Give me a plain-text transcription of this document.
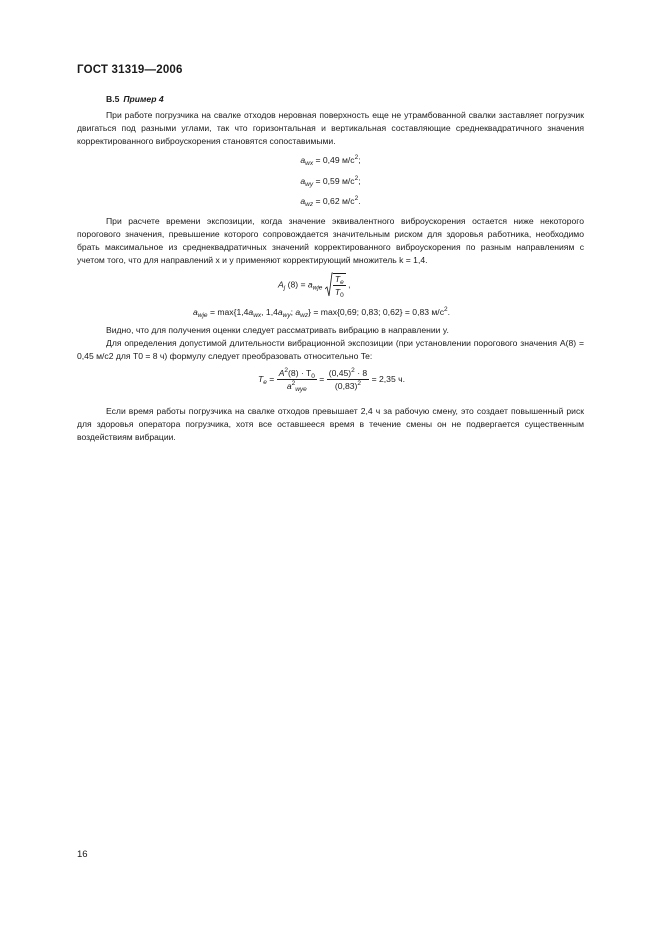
ГОСТ 31319—2006
B.5 Пример 4

При работе погрузчика на свалке отходов неровная поверхность еще не утрамбованной свалки заставляет погрузчик двигаться под разными углами, так что горизонтальная и вертикальная составляющие среднеквадратичного значения корректированного виброускорения становятся сопоставимыми.

$a_{wx} = 0,49$ $м/с^2$;
$a_{wy} = 0,59$ $м/с^2$;
$a_{wz} = 0,62$ $м/с^2$.

При расчете времени экспозиции, когда значение эквивалентного виброускорения остается ниже некоторого порогового значения, превышение которого сопровождается значительным риском для здоровья работника, необходимо брать максимальное из среднеквадратичных значений корректированного виброускорения по разным направлениям с учетом того, что для направлений x и y применяют корректирующий множитель k = 1,4.

$A_j$ $(8) = a_{wje} \frac{T_e}{T_0}$ ,
$a_{wje} = \max\{1,4a_{wx}$, $1,4a_{wy}$; $a_{wz}\} = \max\{0,69$; 0,83; 0,62} = 0,83 $м/с^2$.

Видно, что для получения оценки следует рассматривать вибрацию в направлении y.

Для определения допустимой длительности вибрационной экспозиции (при установлении порогового значения A(8) = 0,45 м/с2 для T0 = 8 ч) формулу следует преобразовать относительно Te:

$T_e = \frac{A^2(8) \cdot T_0}{a^2_{wye}} = \frac{(0,45)^2 \cdot 8}{(0,83)^2} = 2,35$ ч.

Если время работы погрузчика на свалке отходов превышает 2,4 ч за рабочую смену, это создает повышенный риск для здоровья оператора погрузчика, хотя все оставшееся время в течение смены он не подвергается существенным воздействиям вибрации.

16
